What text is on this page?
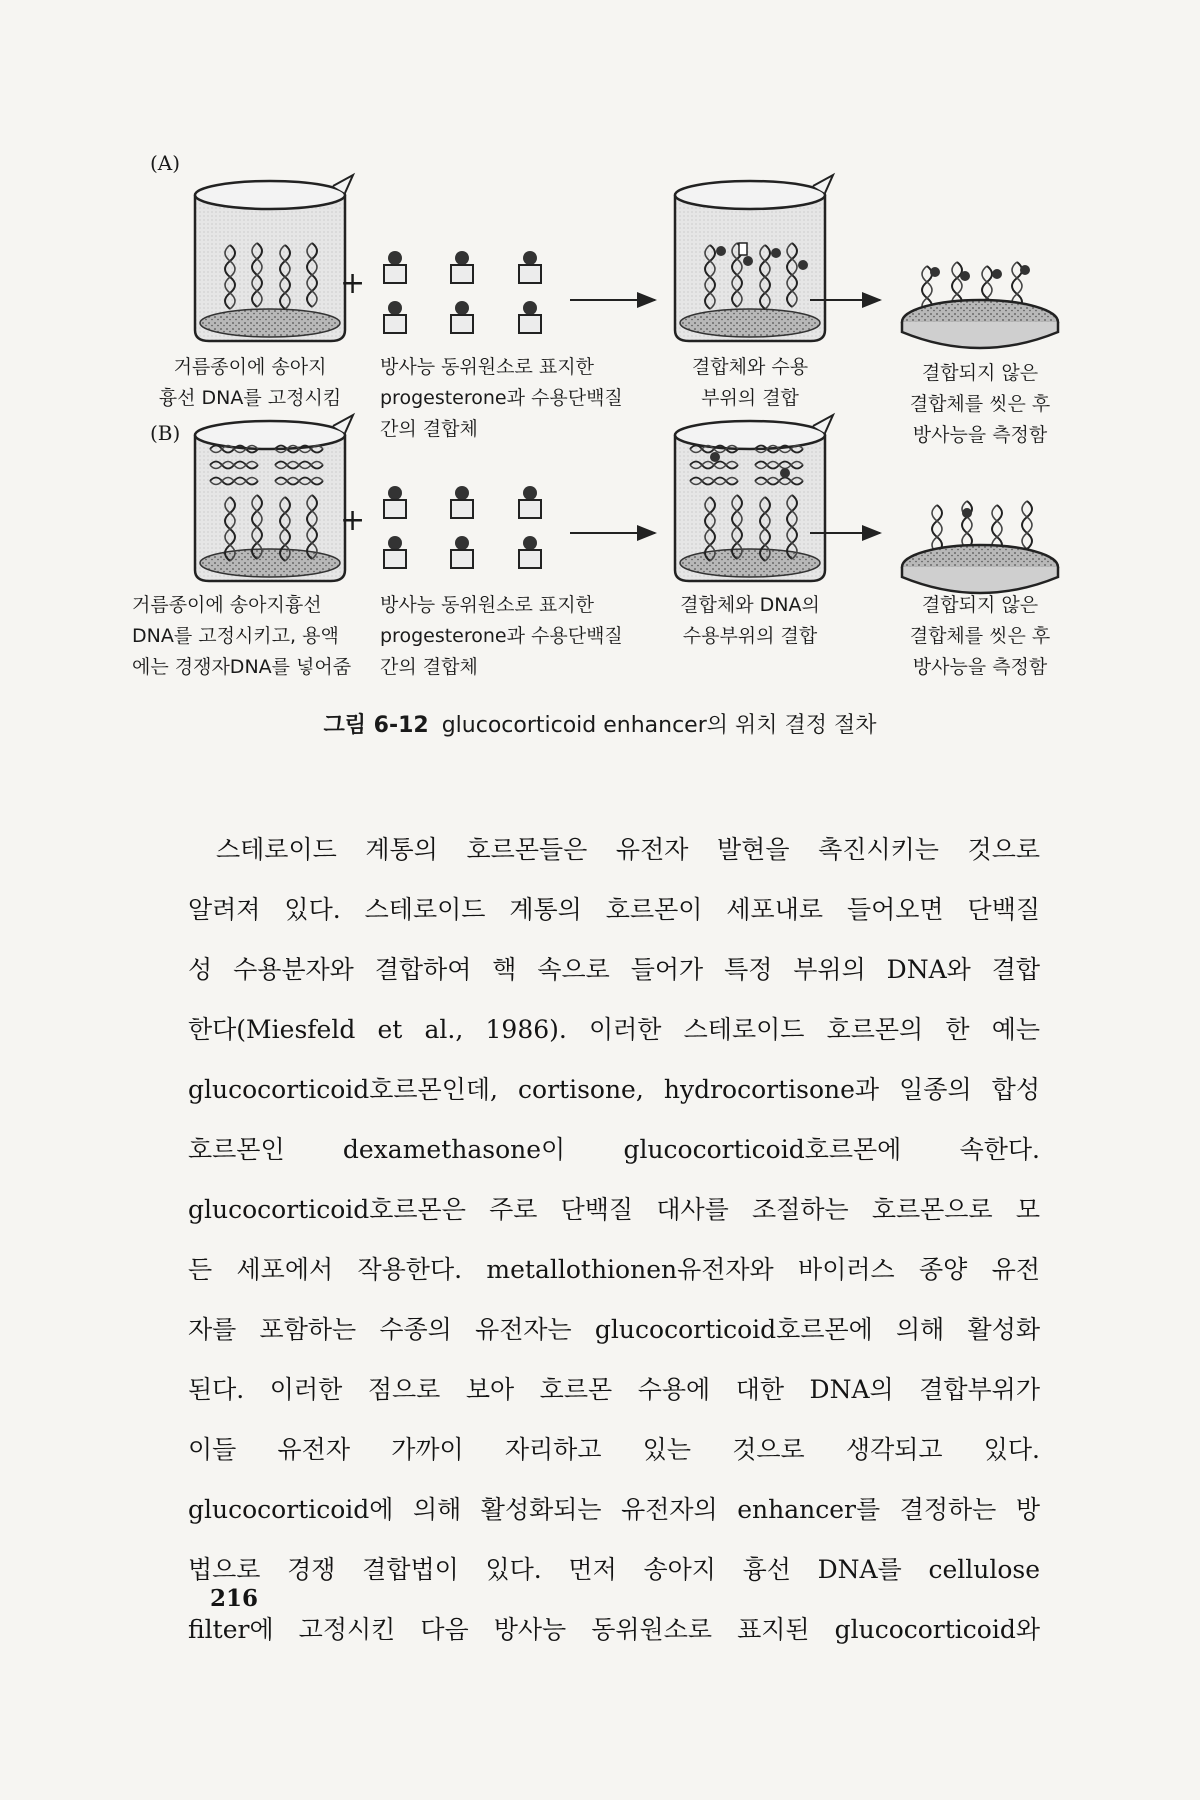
(A)
(B)
+
+
거름종이에 송아지
흉선 DNA를 고정시킴
방사능 동위원소로 표지한
progesterone과 수용단백질
간의 결합체
결합체와 수용
부위의 결합
결합되지 않은
결합체를 씻은 후
방사능을 측정함
거름종이에 송아지흉선
DNA를 고정시키고, 용액
에는 경쟁자DNA를 넣어줌
방사능 동위원소로 표지한
progesterone과 수용단백질
간의 결합체
결합체와 DNA의
수용부위의 결합
결합되지 않은
결합체를 씻은 후
방사능을 측정함
그림 6-12 glucocorticoid enhancer의 위치 결정 절차
스테로이드 계통의 호르몬들은 유전자 발현을 촉진시키는 것으로
알려져 있다. 스테로이드 계통의 호르몬이 세포내로 들어오면 단백질
성 수용분자와 결합하여 핵 속으로 들어가 특정 부위의 DNA와 결합
한다(Miesfeld et al., 1986). 이러한 스테로이드 호르몬의 한 예는
glucocorticoid호르몬인데, cortisone, hydrocortisone과 일종의 합성
호르몬인 dexamethasone이 glucocorticoid호르몬에 속한다.
glucocorticoid호르몬은 주로 단백질 대사를 조절하는 호르몬으로 모
든 세포에서 작용한다. metallothionen유전자와 바이러스 종양 유전
자를 포함하는 수종의 유전자는 glucocorticoid호르몬에 의해 활성화
된다. 이러한 점으로 보아 호르몬 수용에 대한 DNA의 결합부위가
이들 유전자 가까이 자리하고 있는 것으로 생각되고 있다.
glucocorticoid에 의해 활성화되는 유전자의 enhancer를 결정하는 방
법으로 경쟁 결합법이 있다. 먼저 송아지 흉선 DNA를 cellulose
filter에 고정시킨 다음 방사능 동위원소로 표지된 glucocorticoid와
216
